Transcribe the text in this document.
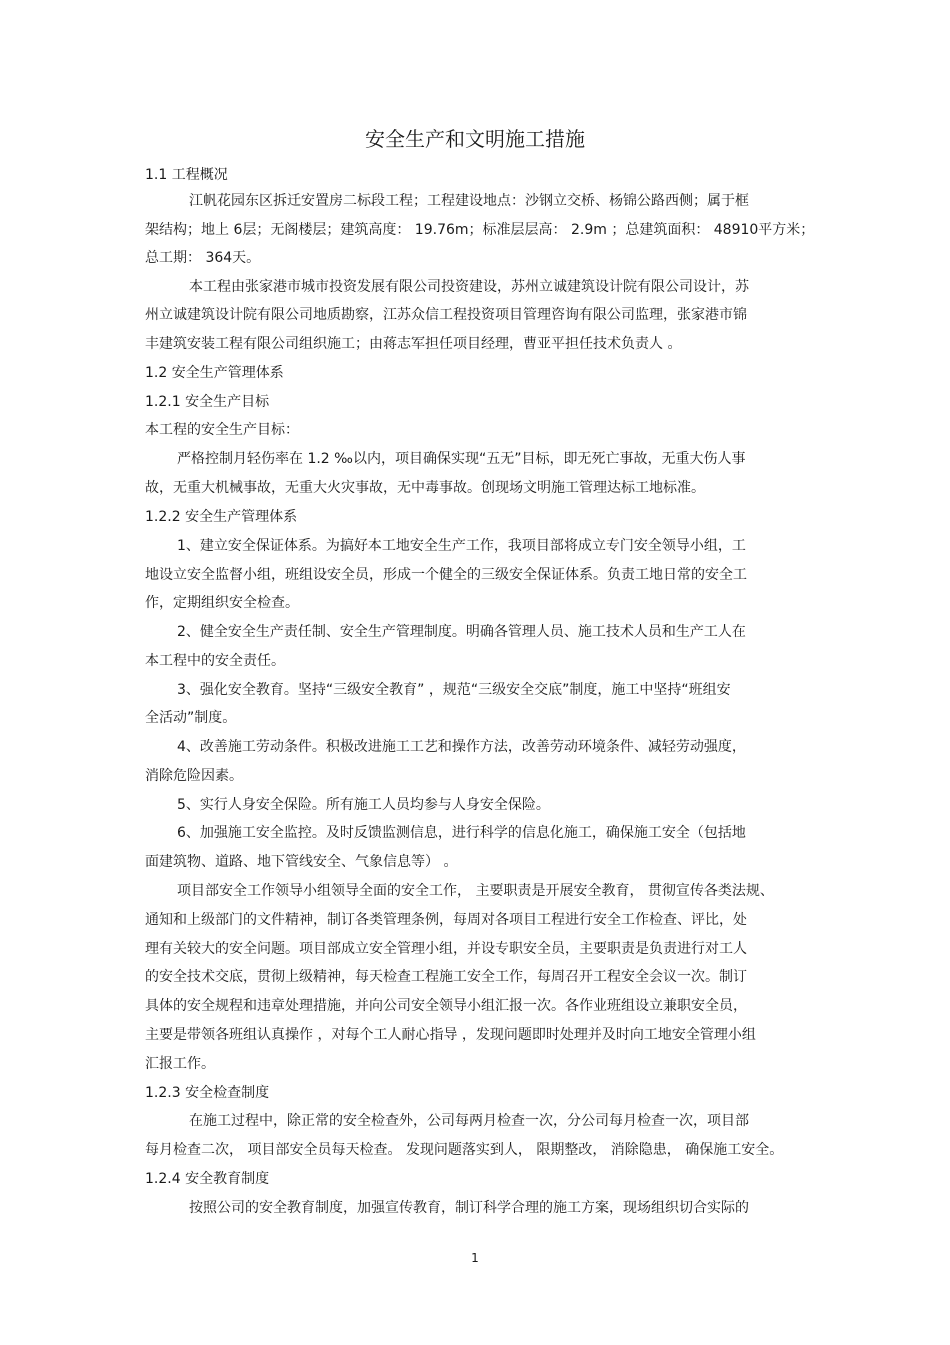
安全生产和文明施工措施
1.1 工程概况
江帆花园东区拆迁安置房二标段工程；工程建设地点：沙钢立交桥、杨锦公路西侧；属于框
架结构；地上 6层；无阁楼层；建筑高度： 19.76m；标准层层高： 2.9m ；总建筑面积： 48910平方米；
总工期： 364天。
本工程由张家港市城市投资发展有限公司投资建设，苏州立诚建筑设计院有限公司设计，苏
州立诚建筑设计院有限公司地质勘察，江苏众信工程投资项目管理咨询有限公司监理，张家港市锦
丰建筑安装工程有限公司组织施工；由蒋志军担任项目经理，曹亚平担任技术负责人 。
1.2 安全生产管理体系
1.2.1 安全生产目标
本工程的安全生产目标：
严格控制月轻伤率在 1.2 ‰以内，项目确保实现“五无”目标，即无死亡事故，无重大伤人事
故，无重大机械事故，无重大火灾事故，无中毒事故。创现场文明施工管理达标工地标准。
1.2.2 安全生产管理体系
1、建立安全保证体系。为搞好本工地安全生产工作，我项目部将成立专门安全领导小组，工
地设立安全监督小组，班组设安全员，形成一个健全的三级安全保证体系。负责工地日常的安全工
作，定期组织安全检查。
2、健全安全生产责任制、安全生产管理制度。明确各管理人员、施工技术人员和生产工人在
本工程中的安全责任。
3、强化安全教育。坚持“三级安全教育” ，规范“三级安全交底”制度，施工中坚持“班组安
全活动”制度。
4、改善施工劳动条件。积极改进施工工艺和操作方法，改善劳动环境条件、减轻劳动强度，
消除危险因素。
5、实行人身安全保险。所有施工人员均参与人身安全保险。
6、加强施工安全监控。及时反馈监测信息，进行科学的信息化施工，确保施工安全（包括地
面建筑物、道路、地下管线安全、气象信息等） 。
项目部安全工作领导小组领导全面的安全工作， 主要职责是开展安全教育， 贯彻宣传各类法规、
通知和上级部门的文件精神，制订各类管理条例，每周对各项目工程进行安全工作检查、评比，处
理有关较大的安全问题。项目部成立安全管理小组，并设专职安全员，主要职责是负责进行对工人
的安全技术交底，贯彻上级精神，每天检查工程施工安全工作，每周召开工程安全会议一次。制订
具体的安全规程和违章处理措施，并向公司安全领导小组汇报一次。各作业班组设立兼职安全员，
主要是带领各班组认真操作 ，对每个工人耐心指导 ，发现问题即时处理并及时向工地安全管理小组
汇报工作。
1.2.3 安全检查制度
在施工过程中，除正常的安全检查外，公司每两月检查一次，分公司每月检查一次，项目部
每月检查二次， 项目部安全员每天检查。 发现问题落实到人， 限期整改， 消除隐患， 确保施工安全。
1.2.4 安全教育制度
按照公司的安全教育制度，加强宣传教育，制订科学合理的施工方案，现场组织切合实际的
1
